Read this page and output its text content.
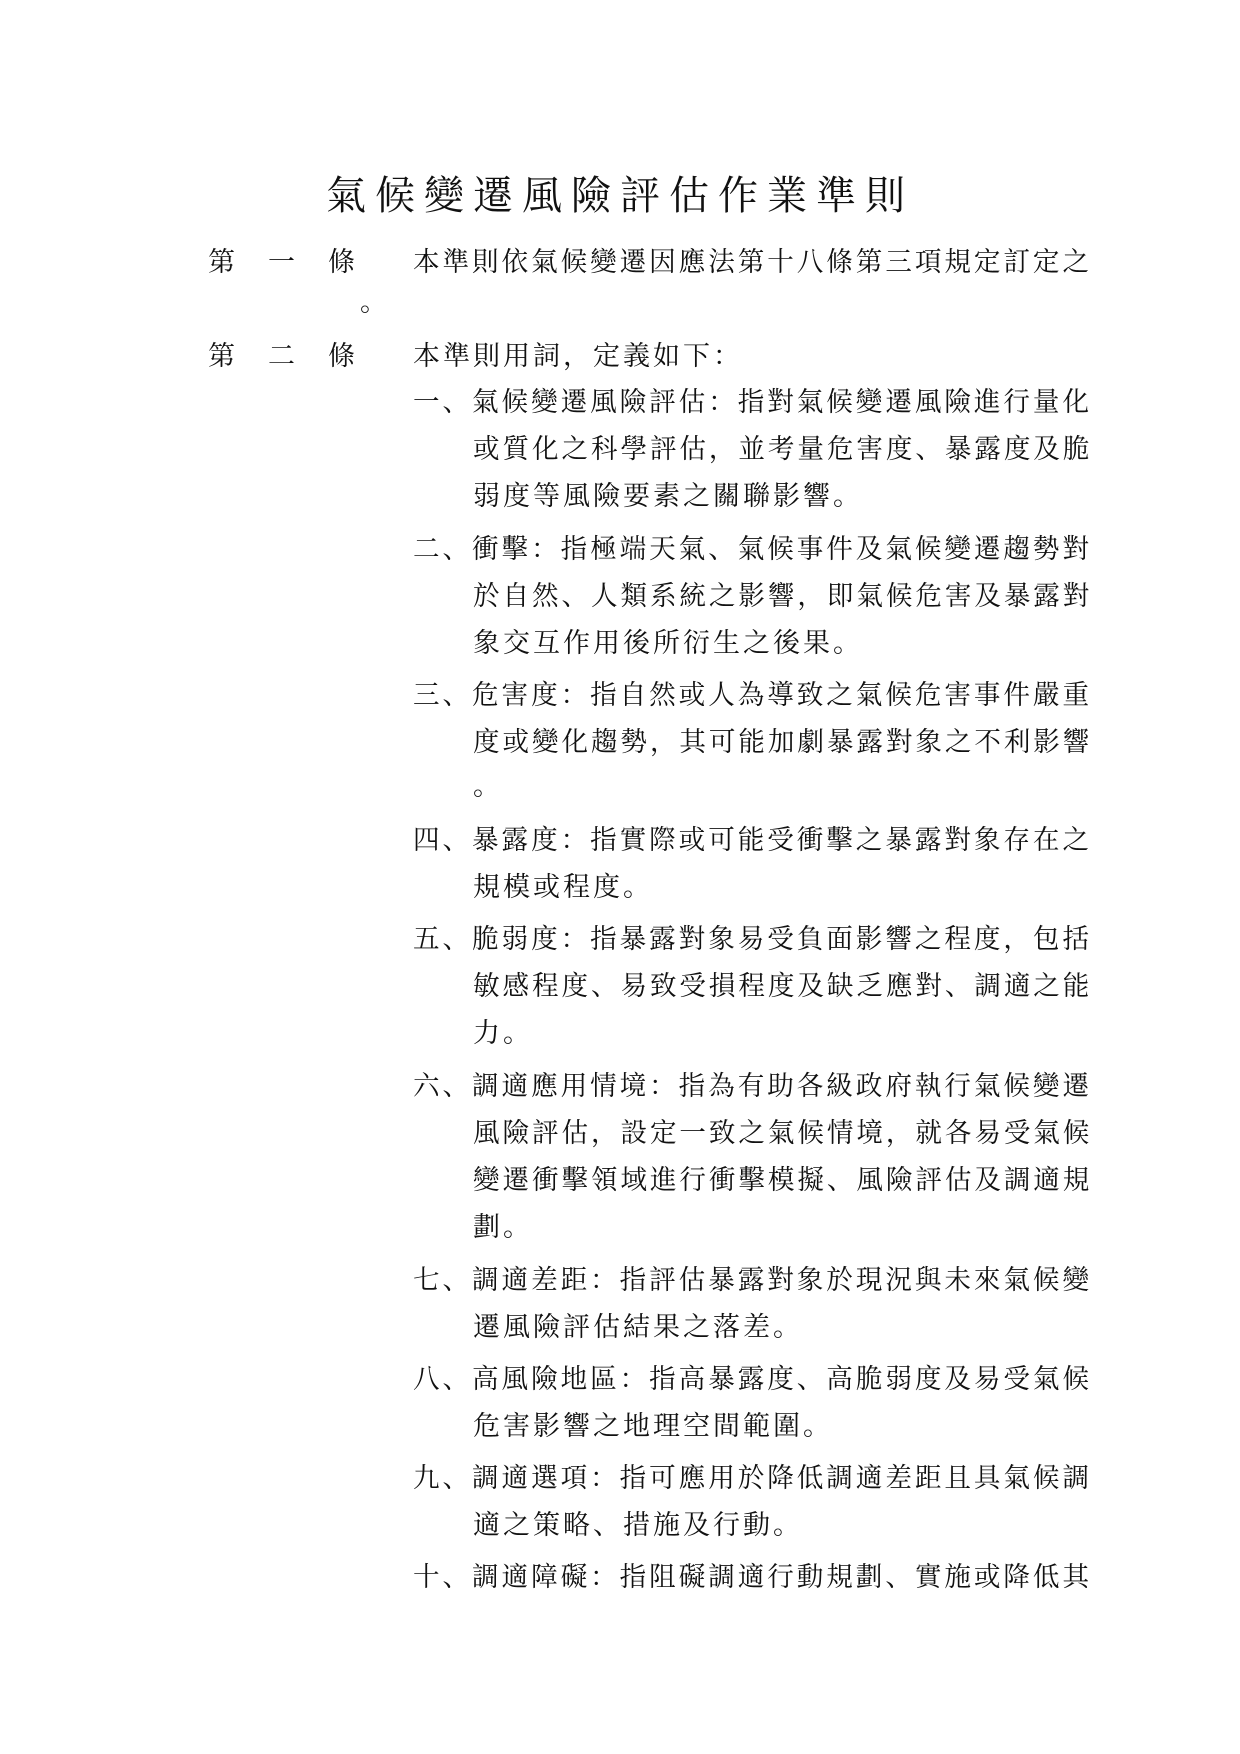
氣候變遷風險評估作業準則
第 一 條 本準則依氣候變遷因應法第十八條第三項規定訂定之
。
第 二 條 本準則用詞，定義如下：
一、氣候變遷風險評估：指對氣候變遷風險進行量化
或質化之科學評估，並考量危害度、暴露度及脆
弱度等風險要素之關聯影響。
二、衝擊：指極端天氣、氣候事件及氣候變遷趨勢對
於自然、人類系統之影響，即氣候危害及暴露對
象交互作用後所衍生之後果。
三、危害度：指自然或人為導致之氣候危害事件嚴重
度或變化趨勢，其可能加劇暴露對象之不利影響
。
四、暴露度：指實際或可能受衝擊之暴露對象存在之
規模或程度。
五、脆弱度：指暴露對象易受負面影響之程度，包括
敏感程度、易致受損程度及缺乏應對、調適之能
力。
六、調適應用情境：指為有助各級政府執行氣候變遷
風險評估，設定一致之氣候情境，就各易受氣候
變遷衝擊領域進行衝擊模擬、風險評估及調適規
劃。
七、調適差距：指評估暴露對象於現況與未來氣候變
遷風險評估結果之落差。
八、高風險地區：指高暴露度、高脆弱度及易受氣候
危害影響之地理空間範圍。
九、調適選項：指可應用於降低調適差距且具氣候調
適之策略、措施及行動。
十、調適障礙：指阻礙調適行動規劃、實施或降低其
